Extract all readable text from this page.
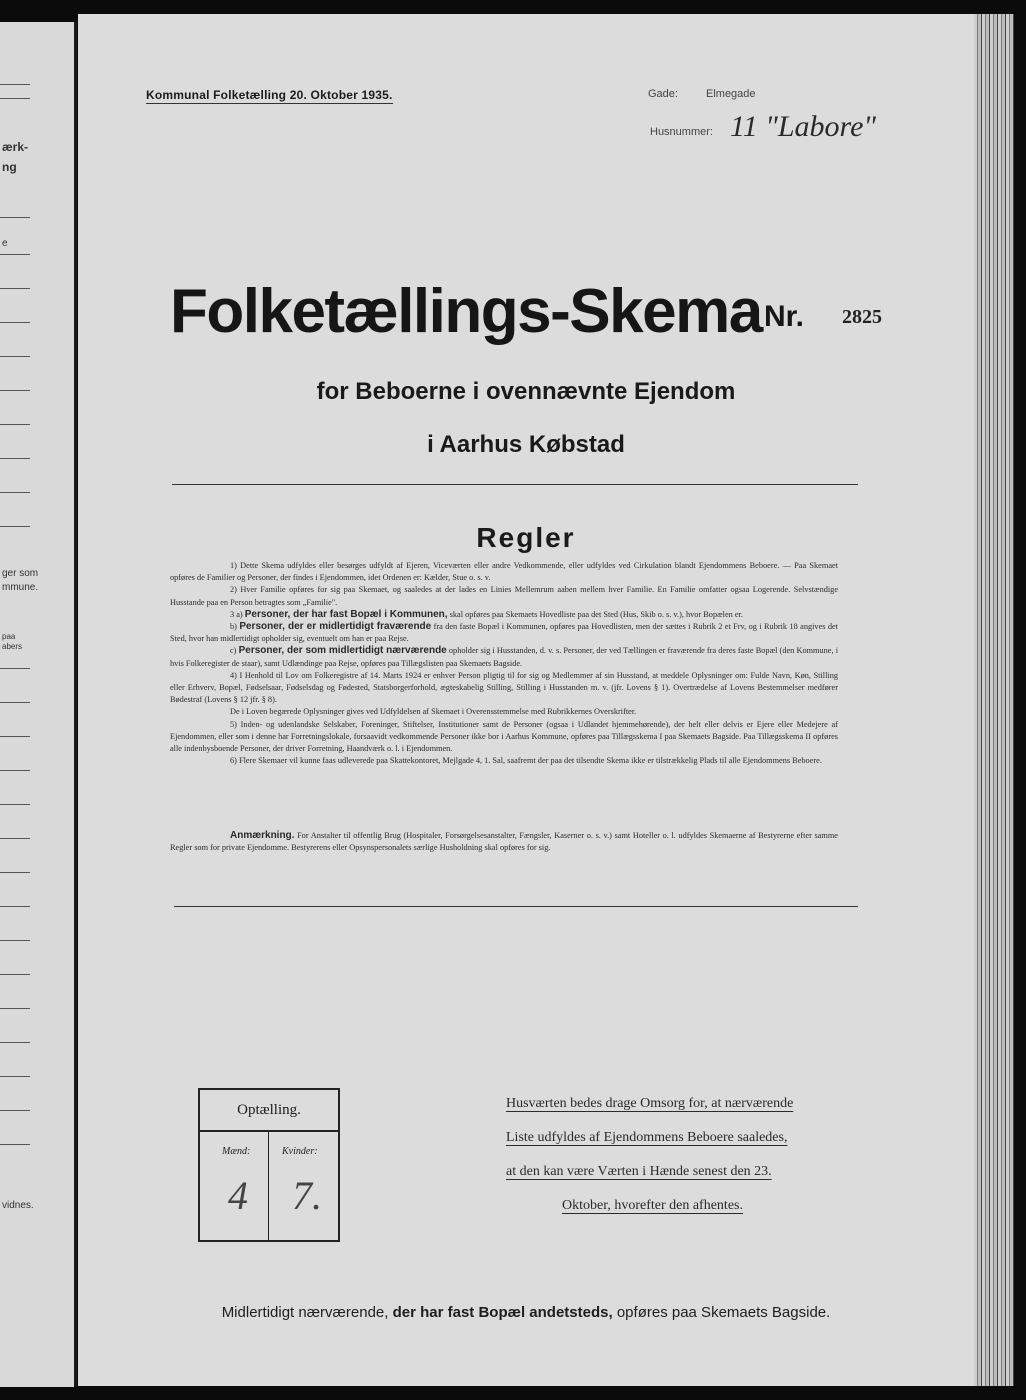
ærk-
ng
e
ger som
mmune.
paa
abers
vidnes.
Kommunal Folketælling 20. Oktober 1935.	Gade:	Elmegade
Husnummer: 11 "Labore"
Folketællings-Skema Nr. 2825
for Beboerne i ovennævnte Ejendom
i Aarhus Købstad
Regler

1) Dette Skema udfyldes eller besørges udfyldt af Ejeren, Viceværten eller andre Vedkommende, eller udfyldes ved Cirkulation blandt Ejendommens Beboere. — Paa Skemaet opføres de Familier og Personer, der findes i Ejendommen, idet Ordenen er: Kælder, Stue o. s. v.

2) Hver Familie opføres for sig paa Skemaet, og saaledes at der lades en Linies Mellemrum aaben mellem hver Familie. En Familie omfatter ogsaa Logerende. Selvstændige Husstande paa en Person betragtes som „Familie".

3 a) Personer, der har fast Bopæl i Kommunen, skal opføres paa Skemaets Hovedliste paa det Sted (Hus, Skib o. s. v.), hvor Bopælen er.

b) Personer, der er midlertidigt fraværende fra den faste Bopæl i Kommunen, opføres paa Hovedlisten, men der sættes i Rubrik 2 et Frv, og i Rubrik 18 angives det Sted, hvor han midlertidigt opholder sig, eventuelt om han er paa Rejse.

c) Personer, der som midlertidigt nærværende opholder sig i Husstanden, d. v. s. Personer, der ved Tællingen er fraværende fra deres faste Bopæl (den Kommune, i hvis Folkeregister de staar), samt Udlændinge paa Rejse, opføres paa Tillægslisten paa Skemaets Bagside.

4) I Henhold til Lov om Folkeregistre af 14. Marts 1924 er enhver Person pligtig til for sig og Medlemmer af sin Husstand, at meddele Oplysninger om: Fulde Navn, Køn, Stilling eller Erhverv, Bopæl, Fødselsaar, Fødselsdag og Fødested, Statsborgerforhold, ægteskabelig Stilling, Stilling i Husstanden m. v. (jfr. Lovens § 1). Overtrædelse af Lovens Bestemmelser medfører Bødestraf (Lovens § 12 jfr. § 8).

De i Loven begærede Oplysninger gives ved Udfyldelsen af Skemaet i Overensstemmelse med Rubrikkernes Overskrifter.

5) Inden- og udenlandske Selskaber, Foreninger, Stiftelser, Institutioner samt de Personer (ogsaa i Udlandet hjemmehørende), der helt eller delvis er Ejere eller Medejere af Ejendommen, eller som i denne har Forretningslokale, forsaavidt vedkommende Personer ikke bor i Aarhus Kommune, opføres paa Tillægsskema I paa Skemaets Bagside. Paa Tillægsskema II opføres alle indenbysboende Personer, der driver Forretning, Haandværk o. l. i Ejendommen.

6) Flere Skemaer vil kunne faas udleverede paa Skattekontoret, Mejlgade 4, 1. Sal, saafremt der paa det tilsendte Skema ikke er tilstrækkelig Plads til alle Ejendommens Beboere.

Anmærkning. For Anstalter til offentlig Brug (Hospitaler, Forsørgelsesanstalter, Fængsler, Kaserner o. s. v.) samt Hoteller o. l. udfyldes Skemaerne af Bestyrerne efter samme Regler som for private Ejendomme. Bestyrerens eller Opsynspersonalets særlige Husholdning skal opføres for sig.
Optælling.
Mænd:	Kvinder:
4 7.
Husværten bedes drage Omsorg for, at nærværende
Liste udfyldes af Ejendommens Beboere saaledes,
at den kan være Værten i Hænde senest den 23.
Oktober, hvorefter den afhentes.
Midlertidigt nærværende, der har fast Bopæl andetsteds, opføres paa Skemaets Bagside.
